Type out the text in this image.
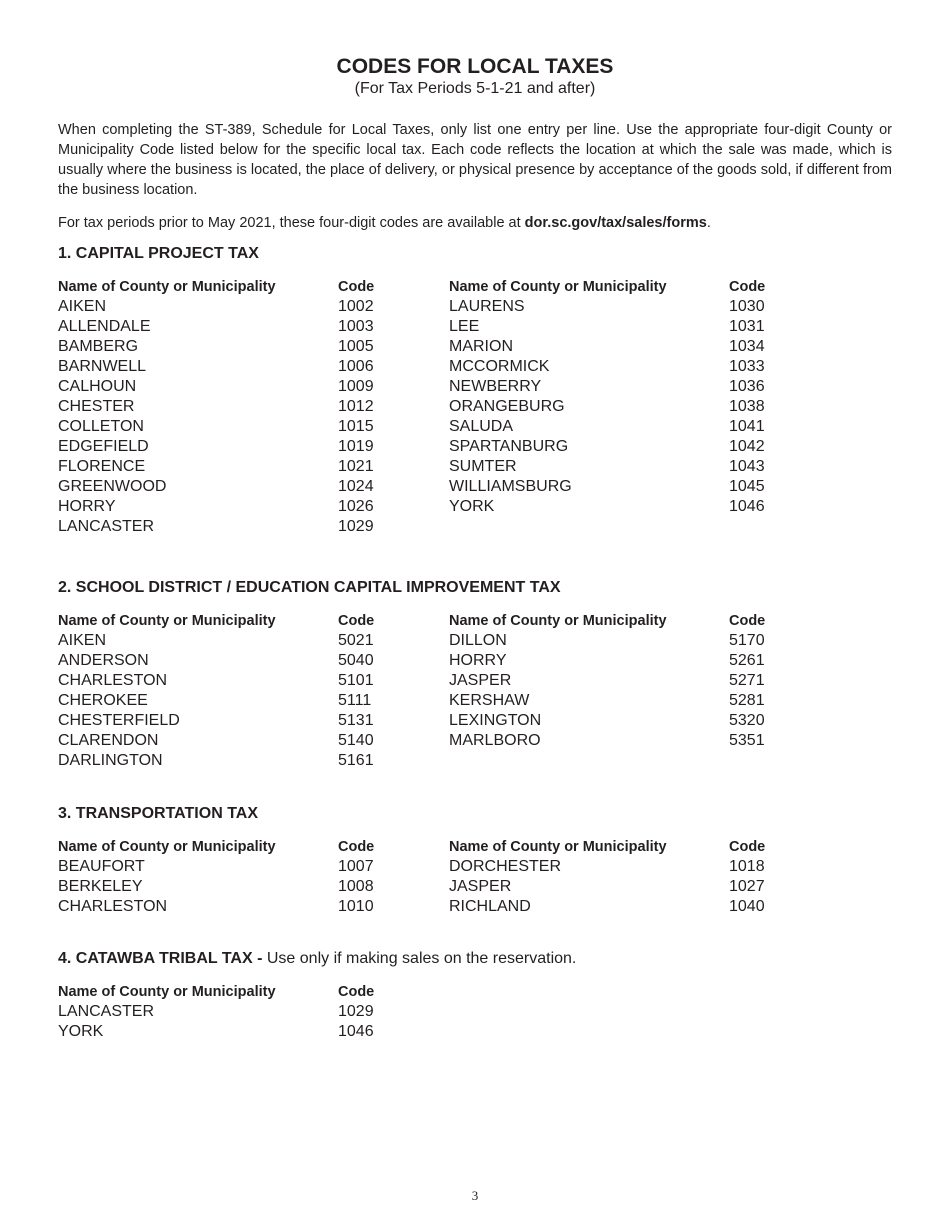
CODES FOR LOCAL TAXES
(For Tax Periods 5-1-21 and after)

When completing the ST-389, Schedule for Local Taxes, only list one entry per line. Use the appropriate four-digit County or Municipality Code listed below for the specific local tax. Each code reflects the location at which the sale was made, which is usually where the business is located, the place of delivery, or physical presence by acceptance of the goods sold, if different from the business location.

For tax periods prior to May 2021, these four-digit codes are available at dor.sc.gov/tax/sales/forms.

1. CAPITAL PROJECT TAX
Name of County or Municipality	Code
AIKEN	1002
ALLENDALE	1003
BAMBERG	1005
BARNWELL	1006
CALHOUN	1009
CHESTER	1012
COLLETON	1015
EDGEFIELD	1019
FLORENCE	1021
GREENWOOD	1024
HORRY	1026
LANCASTER	1029
Name of County or Municipality	Code
LAURENS	1030
LEE	1031
MARION	1034
MCCORMICK	1033
NEWBERRY	1036
ORANGEBURG	1038
SALUDA	1041
SPARTANBURG	1042
SUMTER	1043
WILLIAMSBURG	1045
YORK	1046
2. SCHOOL DISTRICT / EDUCATION CAPITAL IMPROVEMENT TAX
Name of County or Municipality	Code
AIKEN	5021
ANDERSON	5040
CHARLESTON	5101
CHEROKEE	5111
CHESTERFIELD	5131
CLARENDON	5140
DARLINGTON	5161
Name of County or Municipality	Code
DILLON	5170
HORRY	5261
JASPER	5271
KERSHAW	5281
LEXINGTON	5320
MARLBORO	5351
3. TRANSPORTATION TAX
Name of County or Municipality	Code
BEAUFORT	1007
BERKELEY	1008
CHARLESTON	1010
Name of County or Municipality	Code
DORCHESTER	1018
JASPER	1027
RICHLAND	1040
4. CATAWBA TRIBAL TAX - Use only if making sales on the reservation.
Name of County or Municipality	Code
LANCASTER	1029
YORK	1046
3
